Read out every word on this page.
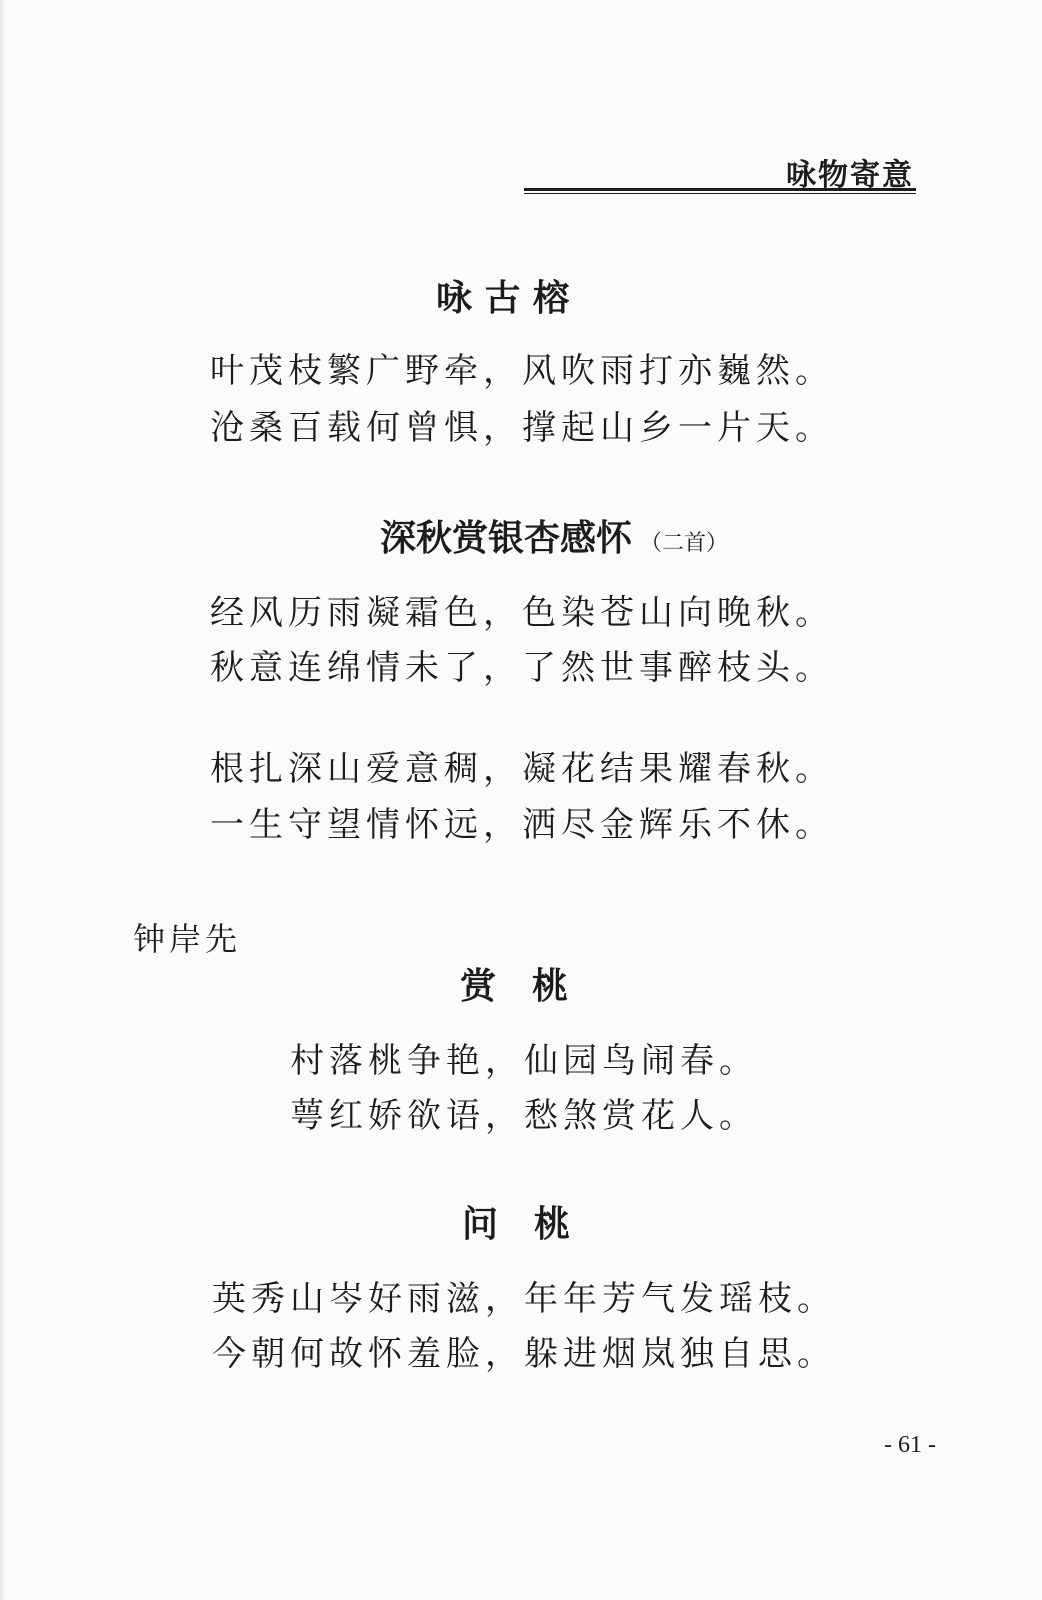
咏物寄意
咏 古 榕
叶茂枝繁广野牵，风吹雨打亦巍然。
沧桑百载何曾惧，撑起山乡一片天。
深秋赏银杏感怀 （二首）
经风历雨凝霜色，色染苍山向晚秋。
秋意连绵情未了，了然世事醉枝头。
根扎深山爱意稠，凝花结果耀春秋。
一生守望情怀远，洒尽金辉乐不休。
钟岸先
赏　桃
村落桃争艳，仙园鸟闹春。
萼红娇欲语，愁煞赏花人。
问　桃
英秀山岑好雨滋，年年芳气发瑶枝。
今朝何故怀羞脸，躲进烟岚独自思。
- 61 -
